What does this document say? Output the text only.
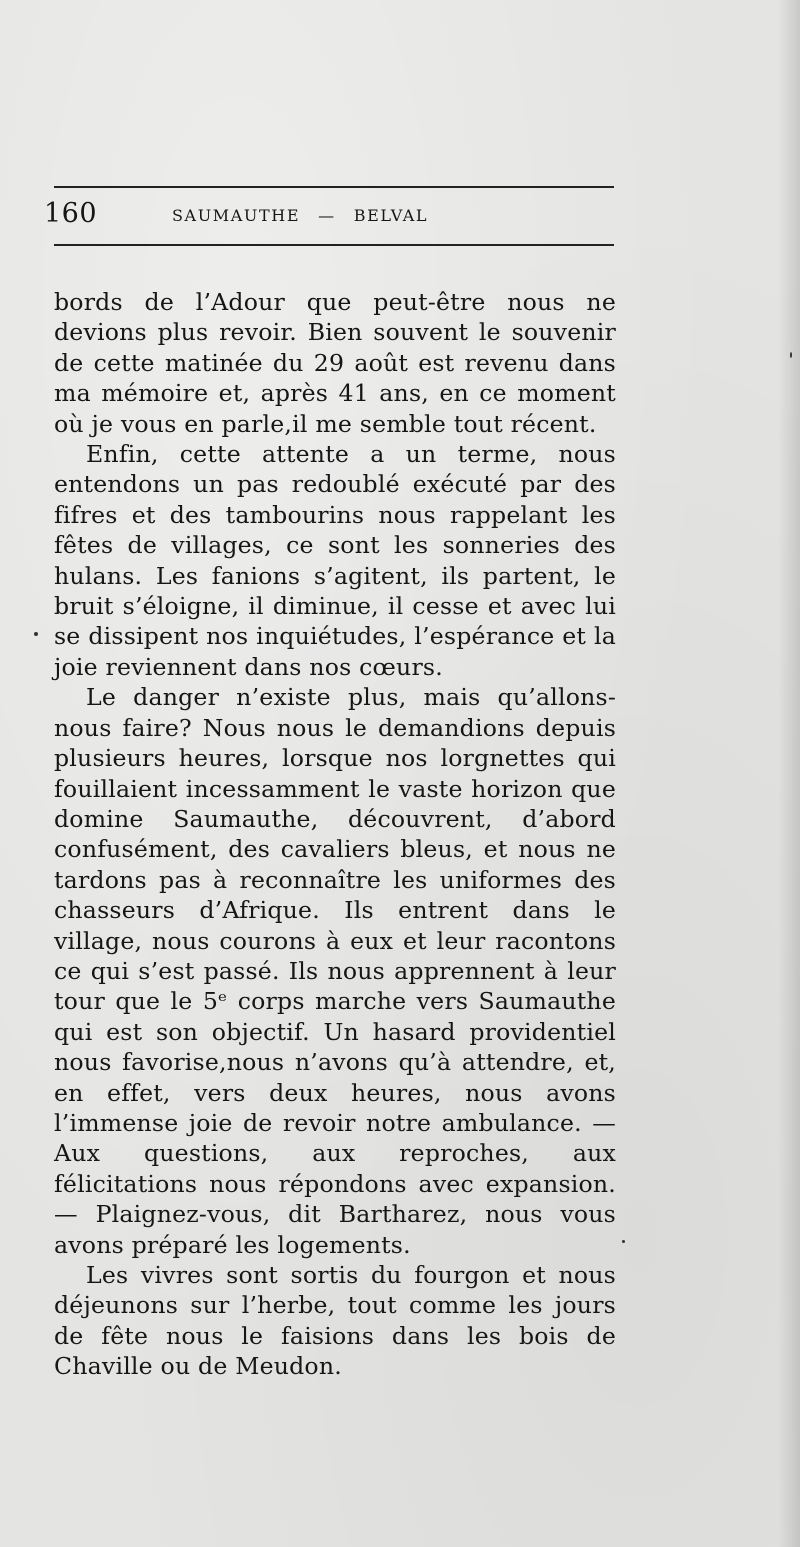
160	SAUMAUTHE — BELVAL

bords de l’Adour que peut-être nous ne devions plus revoir. Bien souvent le souvenir de cette matinée du 29 août est revenu dans ma mémoire et, après 41 ans, en ce moment où je vous en parle,il me semble tout récent.

Enfin, cette attente a un terme, nous entendons un pas redoublé exécuté par des fifres et des tambourins nous rappelant les fêtes de villages, ce sont les sonneries des hulans. Les fanions s’agitent, ils partent, le bruit s’éloigne, il diminue, il cesse et avec lui se dissipent nos inquiétudes, l’espérance et la joie reviennent dans nos cœurs.

Le danger n’existe plus, mais qu’allons-nous faire? Nous nous le demandions depuis plusieurs heures, lorsque nos lorgnettes qui fouillaient incessamment le vaste horizon que domine Saumauthe, découvrent, d’abord confusément, des cavaliers bleus, et nous ne tardons pas à reconnaître les uniformes des chasseurs d’Afrique. Ils entrent dans le village, nous courons à eux et leur racontons ce qui s’est passé. Ils nous apprennent à leur tour que le 5ᵉ corps marche vers Saumauthe qui est son objectif. Un hasard providentiel nous favorise,nous n’avons qu’à attendre, et, en effet, vers deux heures, nous avons l’immense joie de revoir notre ambulance. —Aux questions, aux reproches, aux félicitations nous répondons avec expansion. — Plaignez-vous, dit Bartharez, nous vous avons préparé les logements.

Les vivres sont sortis du fourgon et nous déjeunons sur l’herbe, tout comme les jours de fête nous le faisions dans les bois de Chaville ou de Meudon.
